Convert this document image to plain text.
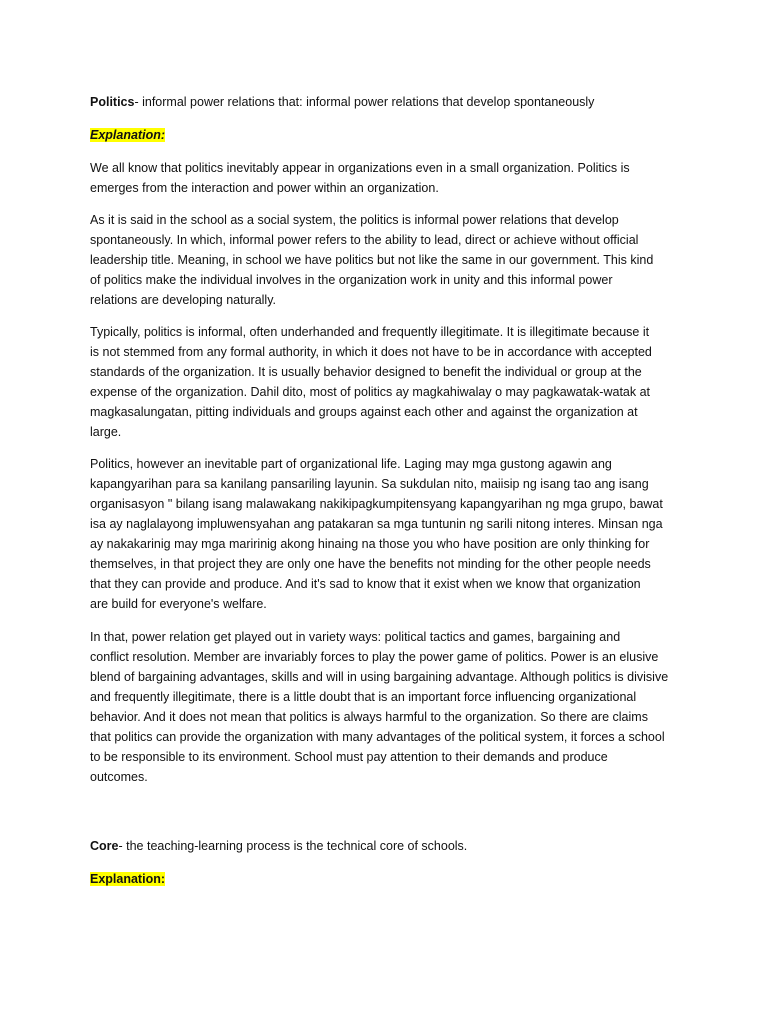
Politics- informal power relations that: informal power relations that develop spontaneously

Explanation:

We all know that politics inevitably appear in organizations even in a small organization. Politics is
emerges from the interaction and power within an organization.
As it is said in the school as a social system, the politics is informal power relations that develop
spontaneously. In which, informal power refers to the ability to lead, direct or achieve without official
leadership title. Meaning, in school we have politics but not like the same in our government. This kind
of politics make the individual involves in the organization work in unity and this informal power
relations are developing naturally.
Typically, politics is informal, often underhanded and frequently illegitimate. It is illegitimate because it
is not stemmed from any formal authority, in which it does not have to be in accordance with accepted
standards of the organization. It is usually behavior designed to benefit the individual or group at the
expense of the organization. Dahil dito, most of politics ay magkahiwalay o may pagkawatak-watak at
magkasalungatan, pitting individuals and groups against each other and against the organization at
large.
Politics, however an inevitable part of organizational life. Laging may mga gustong agawin ang
kapangyarihan para sa kanilang pansariling layunin. Sa sukdulan nito, maiisip ng isang tao ang isang
organisasyon " bilang isang malawakang nakikipagkumpitensyang kapangyarihan ng mga grupo, bawat
isa ay naglalayong impluwensyahan ang patakaran sa mga tuntunin ng sarili nitong interes. Minsan nga
ay nakakarinig may mga maririnig akong hinaing na those you who have position are only thinking for
themselves, in that project they are only one have the benefits not minding for the other people needs
that they can provide and produce. And it's sad to know that it exist when we know that organization
are build for everyone's welfare.
In that, power relation get played out in variety ways: political tactics and games, bargaining and
conflict resolution. Member are invariably forces to play the power game of politics. Power is an elusive
blend of bargaining advantages, skills and will in using bargaining advantage. Although politics is divisive
and frequently illegitimate, there is a little doubt that is an important force influencing organizational
behavior. And it does not mean that politics is always harmful to the organization. So there are claims
that politics can provide the organization with many advantages of the political system, it forces a school
to be responsible to its environment. School must pay attention to their demands and produce
outcomes.

Core- the teaching-learning process is the technical core of schools.

Explanation:
